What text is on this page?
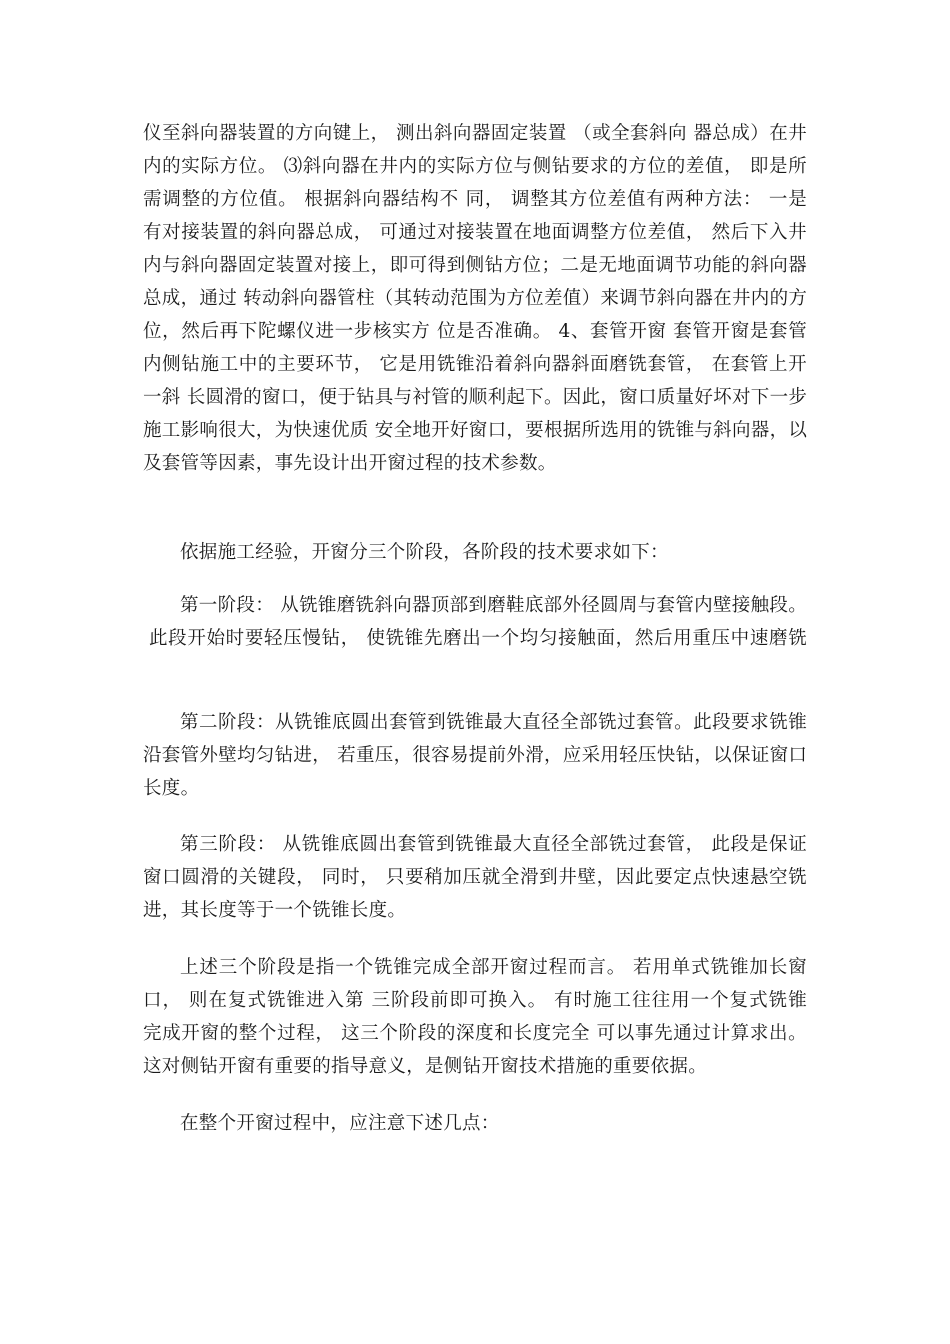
仪至斜向器装置的方向键上， 测出斜向器固定装置 （或全套斜向 器总成）在井
内的实际方位。 ⑶斜向器在井内的实际方位与侧钻要求的方位的差值， 即是所
需调整的方位值。 根据斜向器结构不 同， 调整其方位差值有两种方法： 一是
有对接装置的斜向器总成， 可通过对接装置在地面调整方位差值， 然后下入井
内与斜向器固定装置对接上，即可得到侧钻方位；二是无地面调节功能的斜向器
总成，通过 转动斜向器管柱（其转动范围为方位差值）来调节斜向器在井内的方
位，然后再下陀螺仪进一步核实方 位是否准确。 4、套管开窗 套管开窗是套管
内侧钻施工中的主要环节， 它是用铣锥沿着斜向器斜面磨铣套管， 在套管上开
一斜 长圆滑的窗口，便于钻具与衬管的顺利起下。因此，窗口质量好坏对下一步
施工影响很大，为快速优质 安全地开好窗口，要根据所选用的铣锥与斜向器，以
及套管等因素，事先设计出开窗过程的技术参数。
依据施工经验，开窗分三个阶段，各阶段的技术要求如下：
第一阶段： 从铣锥磨铣斜向器顶部到磨鞋底部外径圆周与套管内壁接触段。
此段开始时要轻压慢钻， 使铣锥先磨出一个均匀接触面，然后用重压中速磨铣
第二阶段：从铣锥底圆出套管到铣锥最大直径全部铣过套管。此段要求铣锥
沿套管外壁均匀钻进， 若重压，很容易提前外滑，应采用轻压快钻，以保证窗口
长度。
第三阶段： 从铣锥底圆出套管到铣锥最大直径全部铣过套管， 此段是保证
窗口圆滑的关键段， 同时， 只要稍加压就全滑到井壁，因此要定点快速悬空铣
进，其长度等于一个铣锥长度。
上述三个阶段是指一个铣锥完成全部开窗过程而言。 若用单式铣锥加长窗
口， 则在复式铣锥进入第 三阶段前即可换入。 有时施工往往用一个复式铣锥
完成开窗的整个过程， 这三个阶段的深度和长度完全 可以事先通过计算求出。
这对侧钻开窗有重要的指导意义，是侧钻开窗技术措施的重要依据。
在整个开窗过程中，应注意下述几点：
